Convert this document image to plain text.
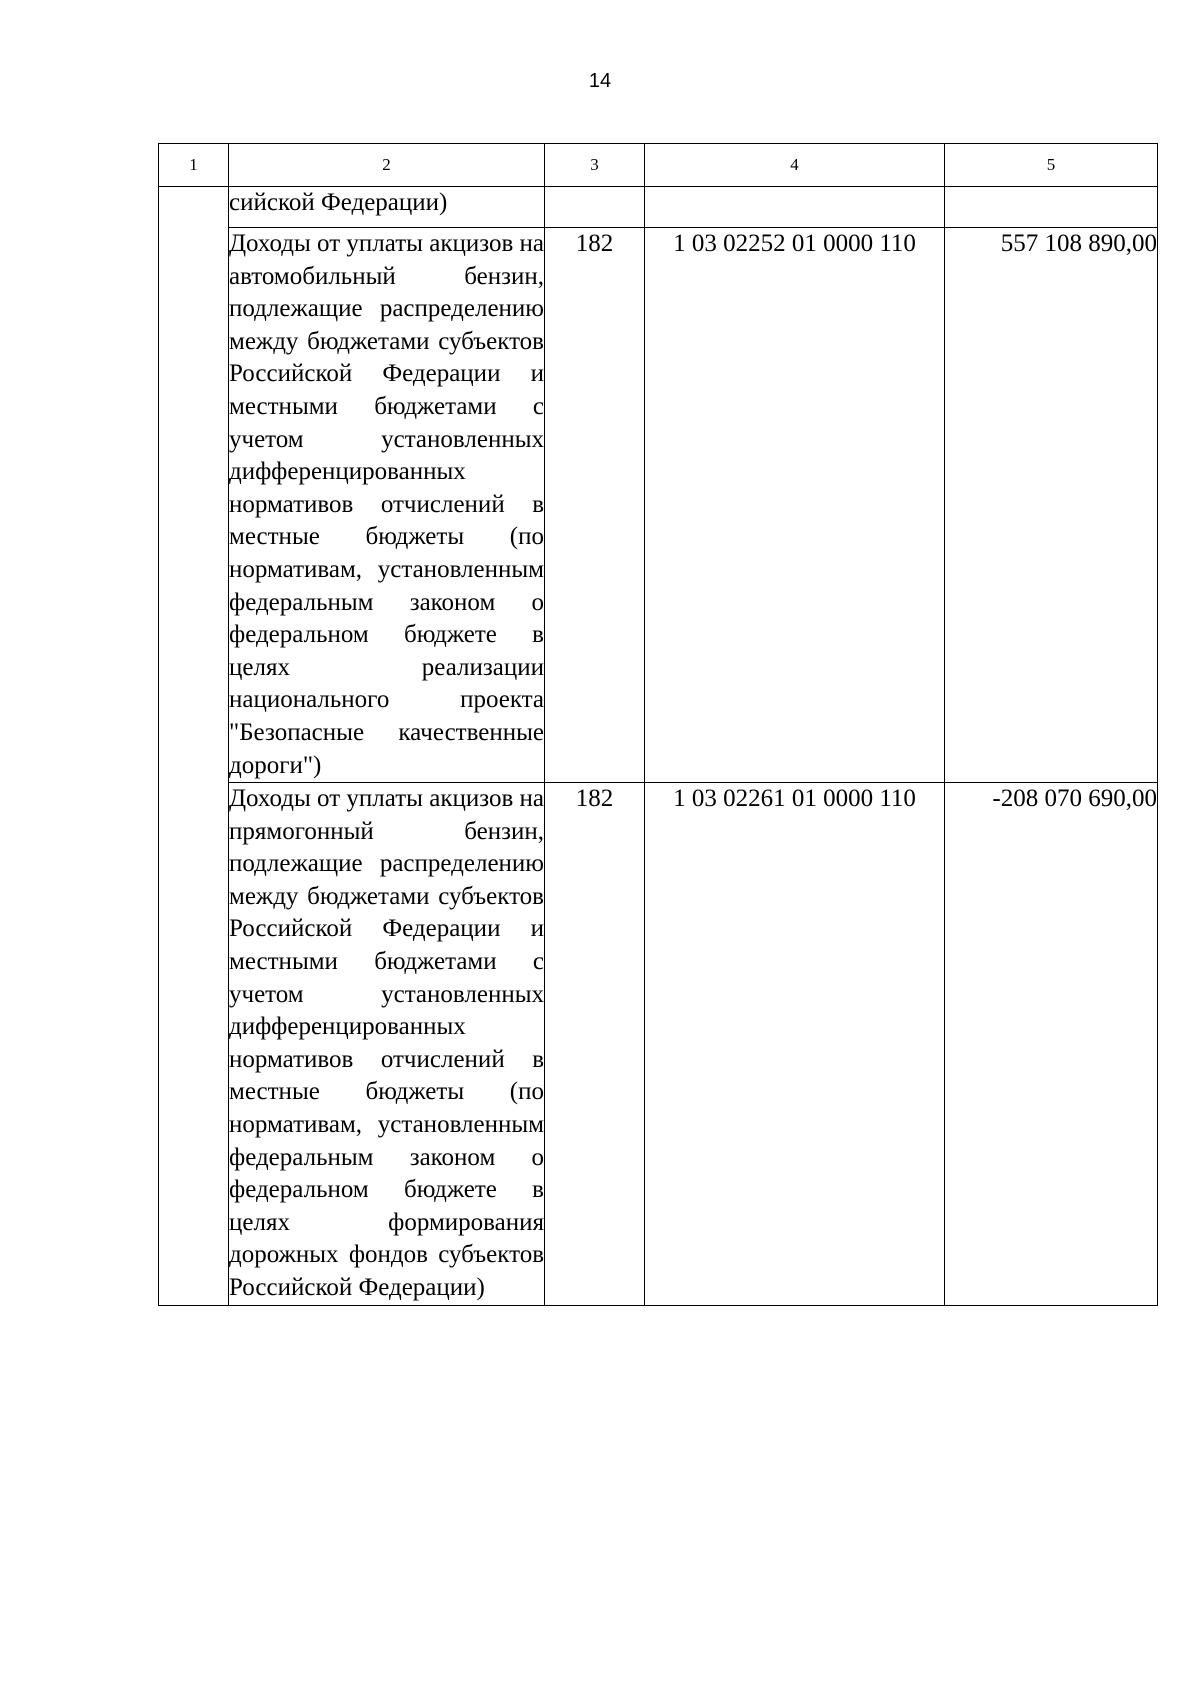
14
1	2	3	4	5
	сийской Федерации)			
	Доходы от уплаты акцизов на автомобильный бензин, подлежащие распределению между бюджетами субъектов Российской Федерации и местными бюджетами с учетом установленных дифференцированных нормативов отчислений в местные бюджеты (по нормативам, установленным федеральным законом о федеральном бюджете в целях реализации национального проекта "Безопасные качественные дороги")	182	1 03 02252 01 0000 110	557 108 890,00
	Доходы от уплаты акцизов на прямогонный бензин, подлежащие распределению между бюджетами субъектов Российской Федерации и местными бюджетами с учетом установленных дифференцированных нормативов отчислений в местные бюджеты (по нормативам, установленным федеральным законом о федеральном бюджете в целях формирования дорожных фондов субъектов Российской Федерации)	182	1 03 02261 01 0000 110	-208 070 690,00
